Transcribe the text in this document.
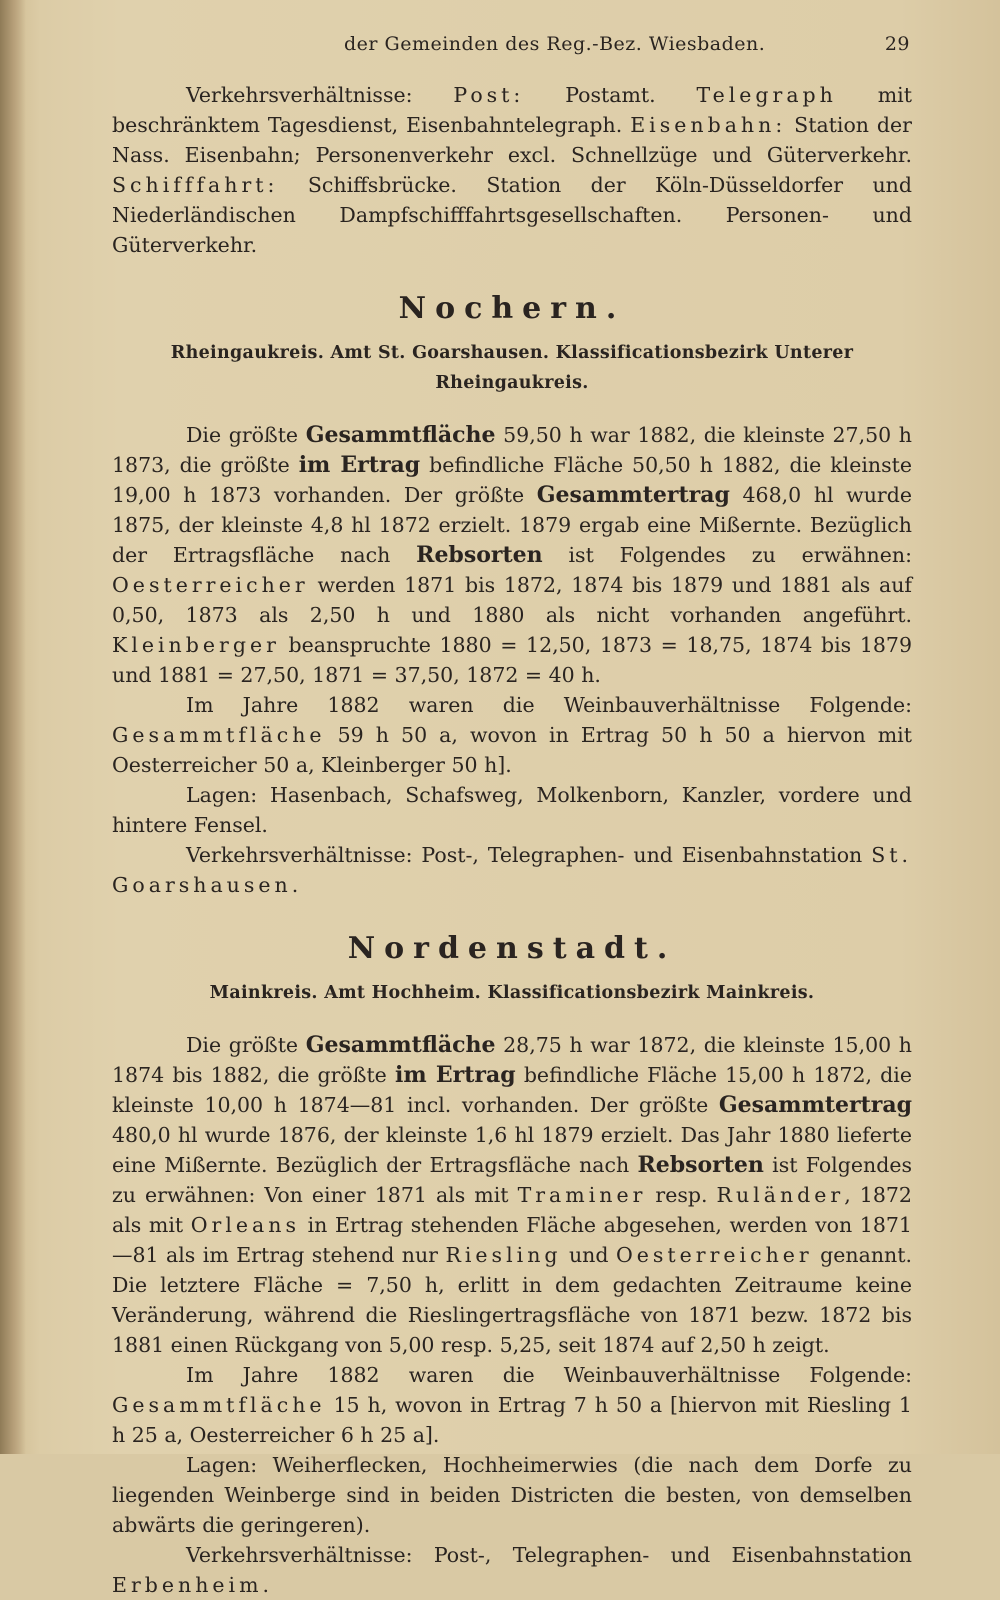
der Gemeinden des Reg.-Bez. Wiesbaden.	29

Verkehrsverhältnisse: Post: Postamt. Telegraph mit beschränktem Tagesdienst, Eisenbahntelegraph. Eisenbahn: Station der Nass. Eisenbahn; Personenverkehr excl. Schnellzüge und Güterverkehr. Schifffahrt: Schiffsbrücke. Station der Köln-Düsseldorfer und Niederländischen Dampfschifffahrtsgesellschaften. Personen- und Güterverkehr.

Nochern.
Rheingaukreis. Amt St. Goarshausen. Klassificationsbezirk Unterer Rheingaukreis.

Die größte Gesammtfläche 59,50 h war 1882, die kleinste 27,50 h 1873, die größte im Ertrag befindliche Fläche 50,50 h 1882, die kleinste 19,00 h 1873 vorhanden. Der größte Gesammtertrag 468,0 hl wurde 1875, der kleinste 4,8 hl 1872 erzielt. 1879 ergab eine Mißernte. Bezüglich der Ertragsfläche nach Rebsorten ist Folgendes zu erwähnen: Oesterreicher werden 1871 bis 1872, 1874 bis 1879 und 1881 als auf 0,50, 1873 als 2,50 h und 1880 als nicht vorhanden angeführt. Kleinberger beanspruchte 1880 = 12,50, 1873 = 18,75, 1874 bis 1879 und 1881 = 27,50, 1871 = 37,50, 1872 = 40 h.

Im Jahre 1882 waren die Weinbauverhältnisse Folgende: Gesammtfläche 59 h 50 a, wovon in Ertrag 50 h 50 a hiervon mit Oesterreicher 50 a, Kleinberger 50 h].

Lagen: Hasenbach, Schafsweg, Molkenborn, Kanzler, vordere und hintere Fensel.

Verkehrsverhältnisse: Post-, Telegraphen- und Eisenbahnstation St. Goarshausen.

Nordenstadt.
Mainkreis. Amt Hochheim. Klassificationsbezirk Mainkreis.

Die größte Gesammtfläche 28,75 h war 1872, die kleinste 15,00 h 1874 bis 1882, die größte im Ertrag befindliche Fläche 15,00 h 1872, die kleinste 10,00 h 1874—81 incl. vorhanden. Der größte Gesammtertrag 480,0 hl wurde 1876, der kleinste 1,6 hl 1879 erzielt. Das Jahr 1880 lieferte eine Mißernte. Bezüglich der Ertragsfläche nach Rebsorten ist Folgendes zu erwähnen: Von einer 1871 als mit Traminer resp. Ruländer, 1872 als mit Orleans in Ertrag stehenden Fläche abgesehen, werden von 1871—81 als im Ertrag stehend nur Riesling und Oesterreicher genannt. Die letztere Fläche = 7,50 h, erlitt in dem gedachten Zeitraume keine Veränderung, während die Rieslingertragsfläche von 1871 bezw. 1872 bis 1881 einen Rückgang von 5,00 resp. 5,25, seit 1874 auf 2,50 h zeigt.

Im Jahre 1882 waren die Weinbauverhältnisse Folgende: Gesammtfläche 15 h, wovon in Ertrag 7 h 50 a [hiervon mit Riesling 1 h 25 a, Oesterreicher 6 h 25 a].

Lagen: Weiherflecken, Hochheimerwies (die nach dem Dorfe zu liegenden Weinberge sind in beiden Districten die besten, von demselben abwärts die geringeren).

Verkehrsverhältnisse: Post-, Telegraphen- und Eisenbahnstation Erbenheim.
